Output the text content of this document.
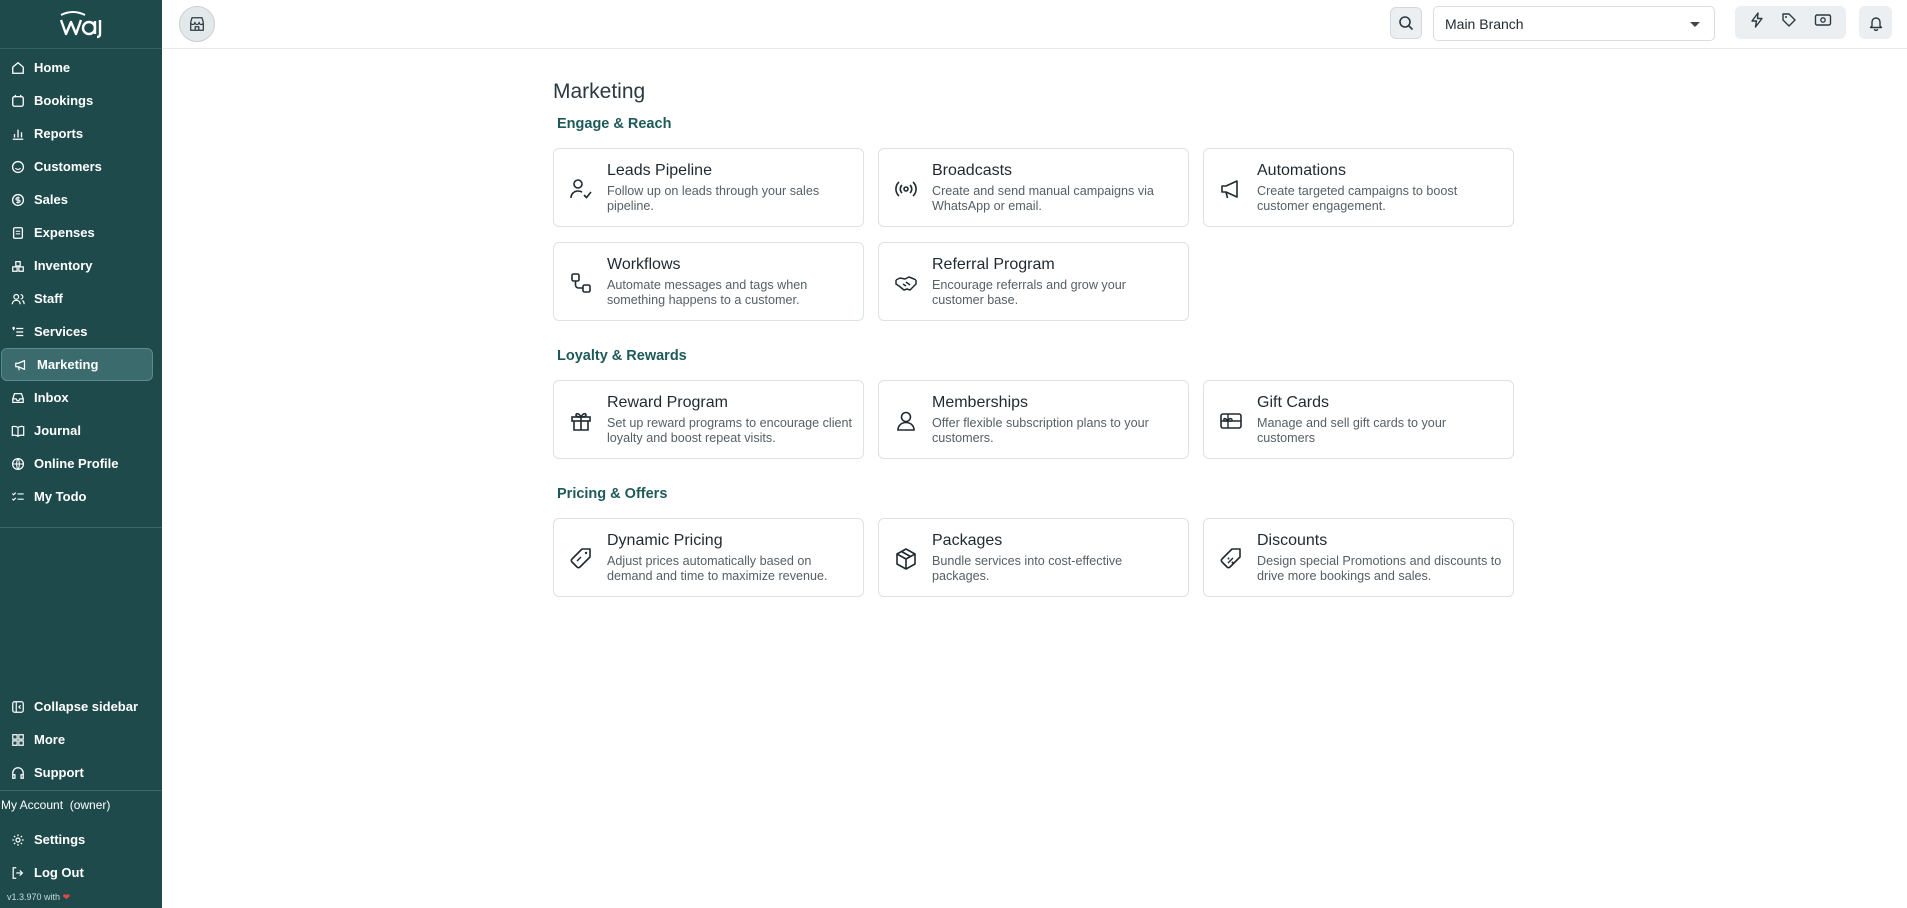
Home
Bookings
Reports
Customers
Sales
Expenses
Inventory
Staff
Services
Marketing
Inbox
Journal
Online Profile
My Todo
Collapse sidebar
More
Support
My Account (owner)
Settings
Log Out
v1.3.970 with ❤
Main Branch
Marketing
Engage & Reach
Leads Pipeline
Follow up on leads through your sales pipeline.
Broadcasts
Create and send manual campaigns via WhatsApp or email.
Automations
Create targeted campaigns to boost customer engagement.
Workflows
Automate messages and tags when something happens to a customer.
Referral Program
Encourage referrals and grow your customer base.
Loyalty & Rewards
Reward Program
Set up reward programs to encourage client loyalty and boost repeat visits.
Memberships
Offer flexible subscription plans to your customers.
Gift Cards
Manage and sell gift cards to your customers
Pricing & Offers
Dynamic Pricing
Adjust prices automatically based on demand and time to maximize revenue.
Packages
Bundle services into cost-effective packages.
Discounts
Design special Promotions and discounts to drive more bookings and sales.
